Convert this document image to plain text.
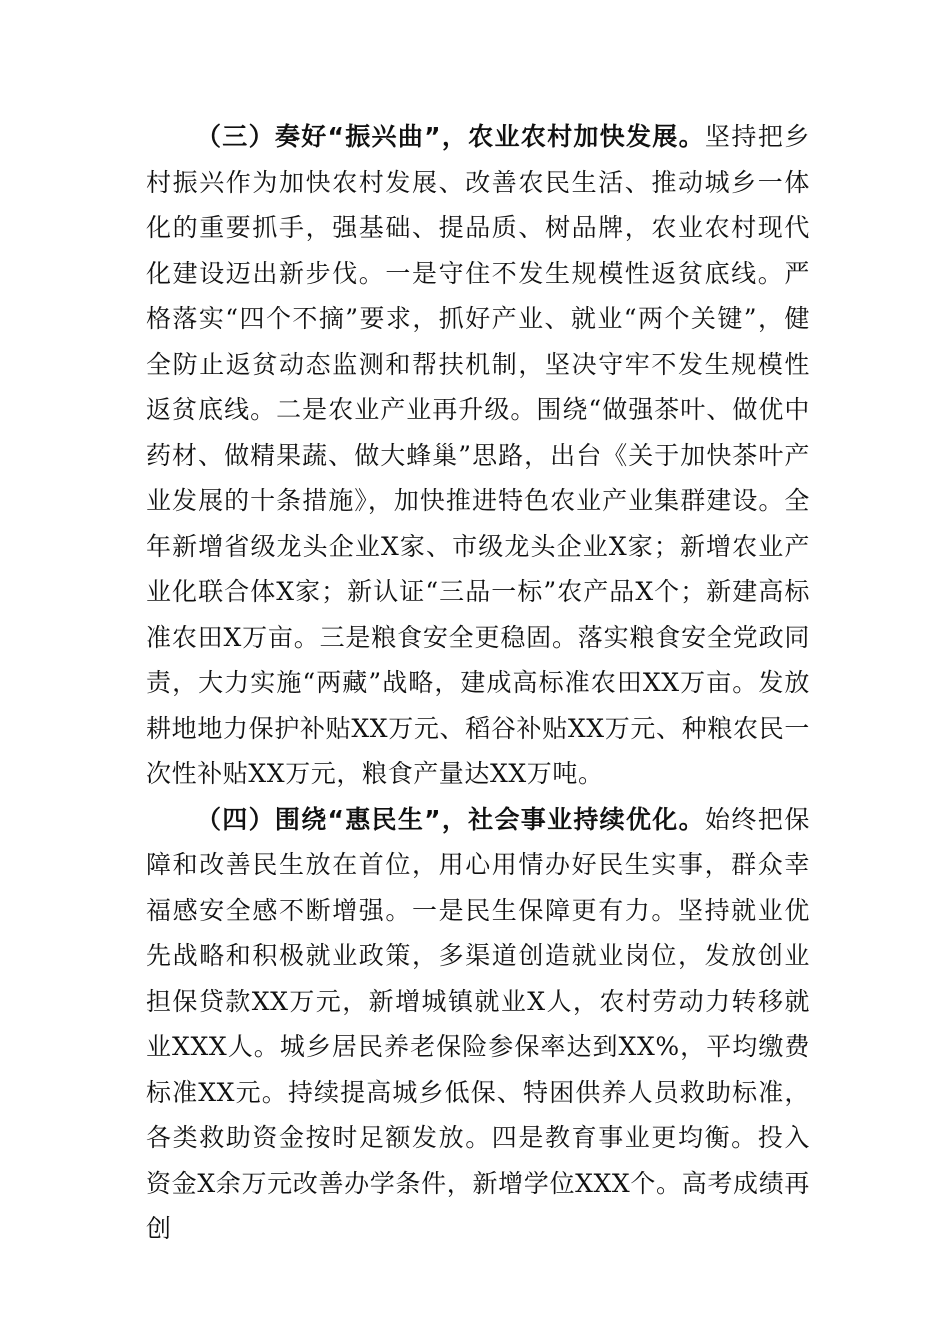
（三）奏好“振兴曲”，农业农村加快发展。坚持把乡村振兴作为加快农村发展、改善农民生活、推动城乡一体化的重要抓手，强基础、提品质、树品牌，农业农村现代化建设迈出新步伐。一是守住不发生规模性返贫底线。严格落实“四个不摘”要求，抓好产业、就业“两个关键”，健全防止返贫动态监测和帮扶机制，坚决守牢不发生规模性返贫底线。二是农业产业再升级。围绕“做强茶叶、做优中药材、做精果蔬、做大蜂巢”思路，出台《关于加快茶叶产业发展的十条措施》，加快推进特色农业产业集群建设。全年新增省级龙头企业X家、市级龙头企业X家；新增农业产业化联合体X家；新认证“三品一标”农产品X个；新建高标准农田X万亩。三是粮食安全更稳固。落实粮食安全党政同责，大力实施“两藏”战略，建成高标准农田XX万亩。发放耕地地力保护补贴XX万元、稻谷补贴XX万元、种粮农民一次性补贴XX万元，粮食产量达XX万吨。

（四）围绕“惠民生”，社会事业持续优化。始终把保障和改善民生放在首位，用心用情办好民生实事，群众幸福感安全感不断增强。一是民生保障更有力。坚持就业优先战略和积极就业政策，多渠道创造就业岗位，发放创业担保贷款XX万元，新增城镇就业X人，农村劳动力转移就业XXX人。城乡居民养老保险参保率达到XX%，平均缴费标准XX元。持续提高城乡低保、特困供养人员救助标准，各类救助资金按时足额发放。四是教育事业更均衡。投入资金X余万元改善办学条件，新增学位XXX个。高考成绩再创
